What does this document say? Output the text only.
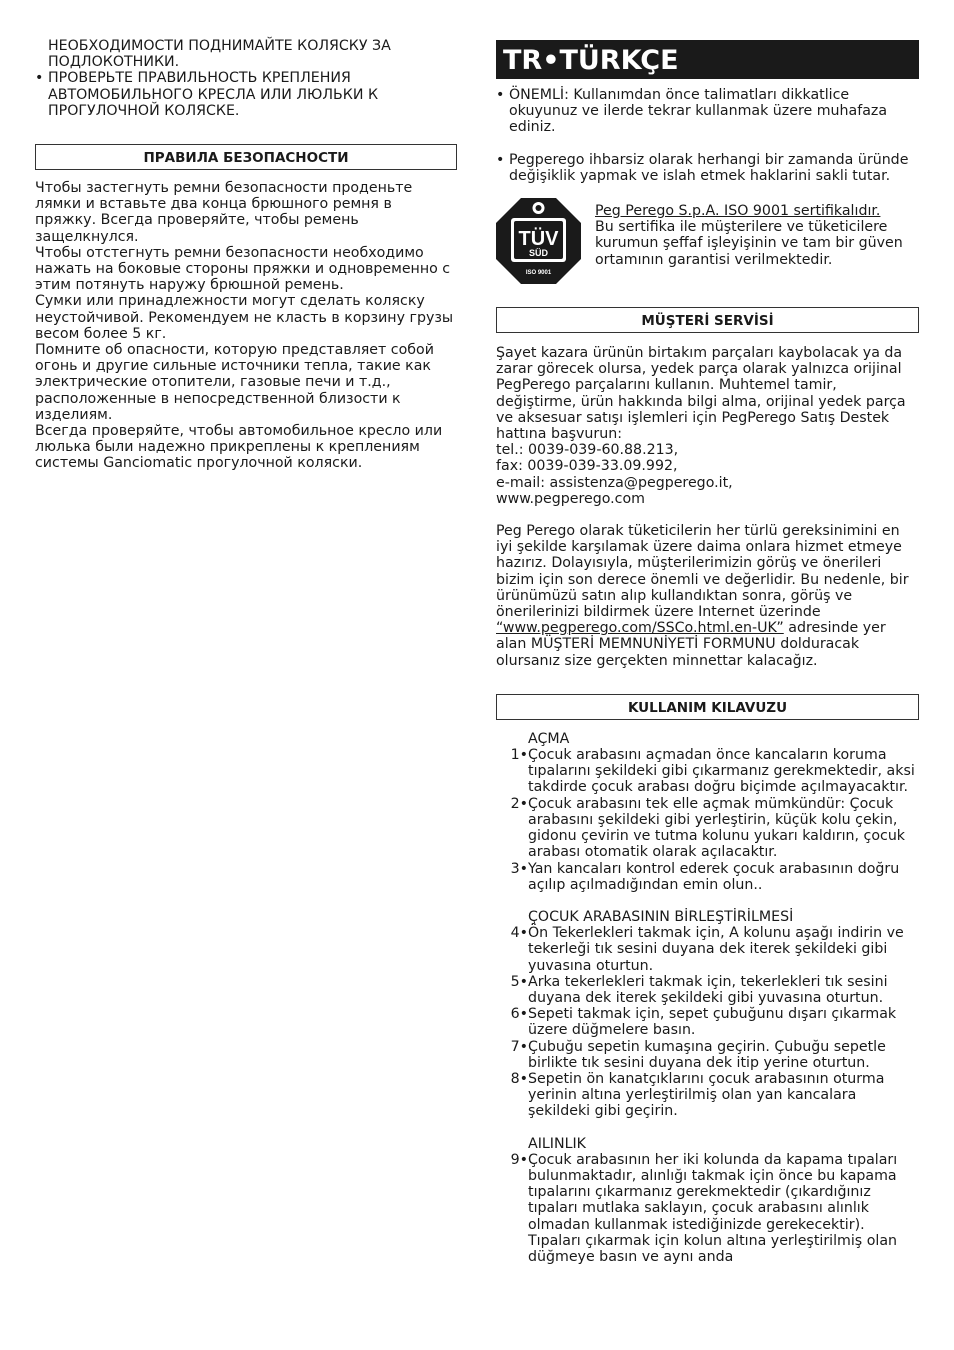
НЕОБХОДИМОСТИ ПОДНИМАЙТЕ КОЛЯСКУ ЗА ПОДЛОКОТНИКИ.

• ПРОВЕРЬТЕ ПРАВИЛЬНОСТЬ КРЕПЛЕНИЯ АВТОМОБИЛЬНОГО КРЕСЛА ИЛИ ЛЮЛЬКИ К ПРОГУЛОЧНОЙ КОЛЯСКЕ.
ПРАВИЛА БЕЗОПАСНОСТИ

Чтобы застегнуть ремни безопасности проденьте лямки и вставьте два конца брюшного ремня в пряжку. Всегда проверяйте, чтобы ремень защелкнулся.

Чтобы отстегнуть ремни безопасности необходимо нажать на боковые стороны пряжки и одновременно с этим потянуть наружу брюшной ремень.

Сумки или принадлежности могут сделать коляску неустойчивой. Рекомендуем не класть в корзину грузы весом более 5 кг.

Помните об опасности, которую представляет собой огонь и другие сильные источники тепла, такие как электрические отопители, газовые печи и т.д., расположенные в непосредственной близости к изделиям.

Всегда проверяйте, чтобы автомобильное кресло или люлька были надежно прикреплены к креплениям системы Ganciomatic прогулочной коляски.

TR•TÜRKÇE
• ÖNEMLİ: Kullanımdan önce talimatları dikkatlice okuyunuz ve ilerde tekrar kullanmak üzere muhafaza ediniz.
• Pegperego ihbarsiz olarak herhangi bir zamanda üründe değişiklik yapmak ve islah etmek haklarini sakli tutar.
TÜV
SÜD
ISO 9001
Peg Perego S.p.A. ISO 9001 sertifikalıdır.
Bu sertifika ile müşterilere ve tüketicilere kurumun şeffaf işleyişinin ve tam bir güven ortamının garantisi verilmektedir.
MÜŞTERİ SERVİSİ

Şayet kazara ürünün birtakım parçaları kaybolacak ya da zarar görecek olursa, yedek parça olarak yalnızca orijinal PegPerego parçalarını kullanın. Muhtemel tamir, değiştirme, ürün hakkında bilgi alma, orijinal yedek parça ve aksesuar satışı işlemleri için PegPerego Satış Destek hattına başvurun:

tel.: 0039-039-60.88.213,

fax: 0039-039-33.09.992,

e-mail: assistenza@pegperego.it,

www.pegperego.com

Peg Perego olarak tüketicilerin her türlü gereksinimini en iyi şekilde karşılamak üzere daima onlara hizmet etmeye hazırız. Dolayısıyla, müşterilerimizin görüş ve önerileri bizim için son derece önemli ve değerlidir. Bu nedenle, bir ürünümüzü satın alıp kullandıktan sonra, görüş ve önerilerinizi bildirmek üzere Internet üzerinde “www.pegperego.com/SSCo.html.en-UK” adresinde yer alan MÜŞTERİ MEMNUNİYETİ FORMUNU dolduracak olursanız size gerçekten minnettar kalacağız.

KULLANIM KILAVUZU

AÇMA

1• Çocuk arabasını açmadan önce kancaların koruma tıpalarını şekildeki gibi çıkarmanız gerekmektedir, aksi takdirde çocuk arabası doğru biçimde açılmayacaktır.
2• Çocuk arabasını tek elle açmak mümkündür: Çocuk arabasını şekildeki gibi yerleştirin, küçük kolu çekin, gidonu çevirin ve tutma kolunu yukarı kaldırın, çocuk arabası otomatik olarak açılacaktır.
3• Yan kancaları kontrol ederek çocuk arabasının doğru açılıp açılmadığından emin olun..

ÇOCUK ARABASININ BİRLEŞTİRİLMESİ

4• Ön Tekerlekleri takmak için, A kolunu aşağı indirin ve tekerleği tık sesini duyana dek iterek şekildeki gibi yuvasına oturtun.
5• Arka tekerlekleri takmak için, tekerlekleri tık sesini duyana dek iterek şekildeki gibi yuvasına oturtun.
6• Sepeti takmak için, sepet çubuğunu dışarı çıkarmak üzere düğmelere basın.
7• Çubuğu sepetin kumaşına geçirin. Çubuğu sepetle birlikte tık sesini duyana dek itip yerine oturtun.
8• Sepetin ön kanatçıklarını çocuk arabasının oturma yerinin altına yerleştirilmiş olan yan kancalara şekildeki gibi geçirin.

AILINLIK

9• Çocuk arabasının her iki kolunda da kapama tıpaları bulunmaktadır, alınlığı takmak için önce bu kapama tıpalarını çıkarmanız gerekmektedir (çıkardığınız tıpaları mutlaka saklayın, çocuk arabasını alınlık olmadan kullanmak istediğinizde gerekecektir). Tıpaları çıkarmak için kolun altına yerleştirilmiş olan düğmeye basın ve aynı anda
